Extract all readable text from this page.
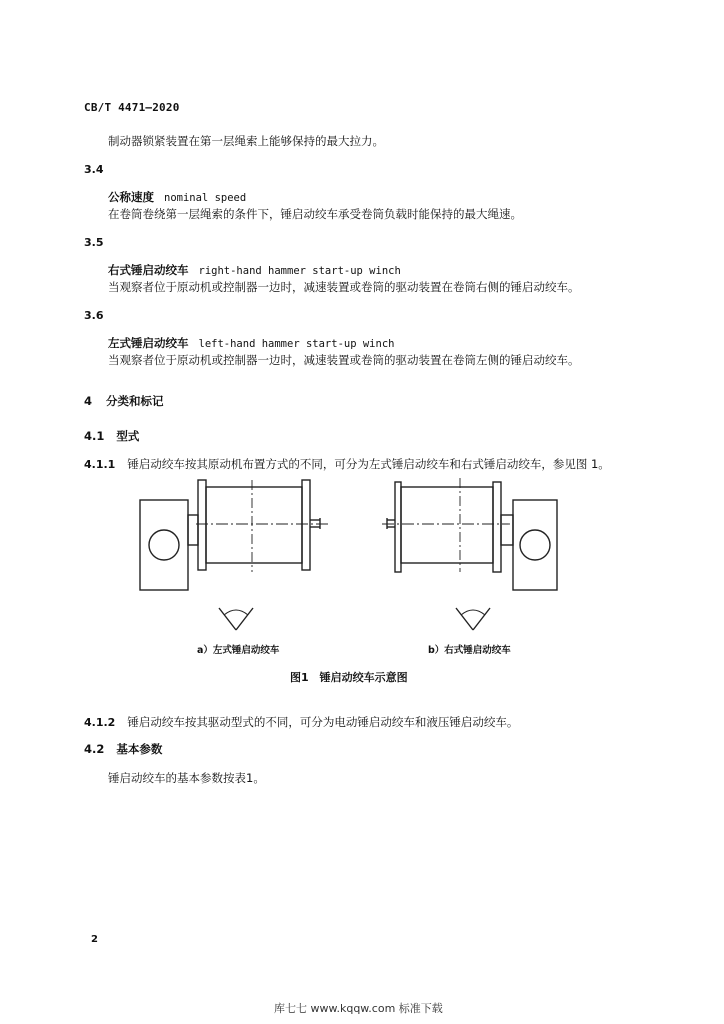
CB/T 4471—2020
制动器锁紧装置在第一层绳索上能够保持的最大拉力。
3.4
公称速度 nominal speed
在卷筒卷绕第一层绳索的条件下，锤启动绞车承受卷筒负载时能保持的最大绳速。
3.5
右式锤启动绞车 right-hand hammer start-up winch
当观察者位于原动机或控制器一边时，减速装置或卷筒的驱动装置在卷筒右侧的锤启动绞车。
3.6
左式锤启动绞车 left-hand hammer start-up winch
当观察者位于原动机或控制器一边时，减速装置或卷筒的驱动装置在卷筒左侧的锤启动绞车。
4 分类和标记
4.1 型式
4.1.1 锤启动绞车按其原动机布置方式的不同，可分为左式锤启动绞车和右式锤启动绞车，参见图 1。
a）左式锤启动绞车	b）右式锤启动绞车
图1　锤启动绞车示意图
4.1.2 锤启动绞车按其驱动型式的不同，可分为电动锤启动绞车和液压锤启动绞车。
4.2 基本参数
锤启动绞车的基本参数按表1。
2
库七七 www.kqqw.com 标准下载
